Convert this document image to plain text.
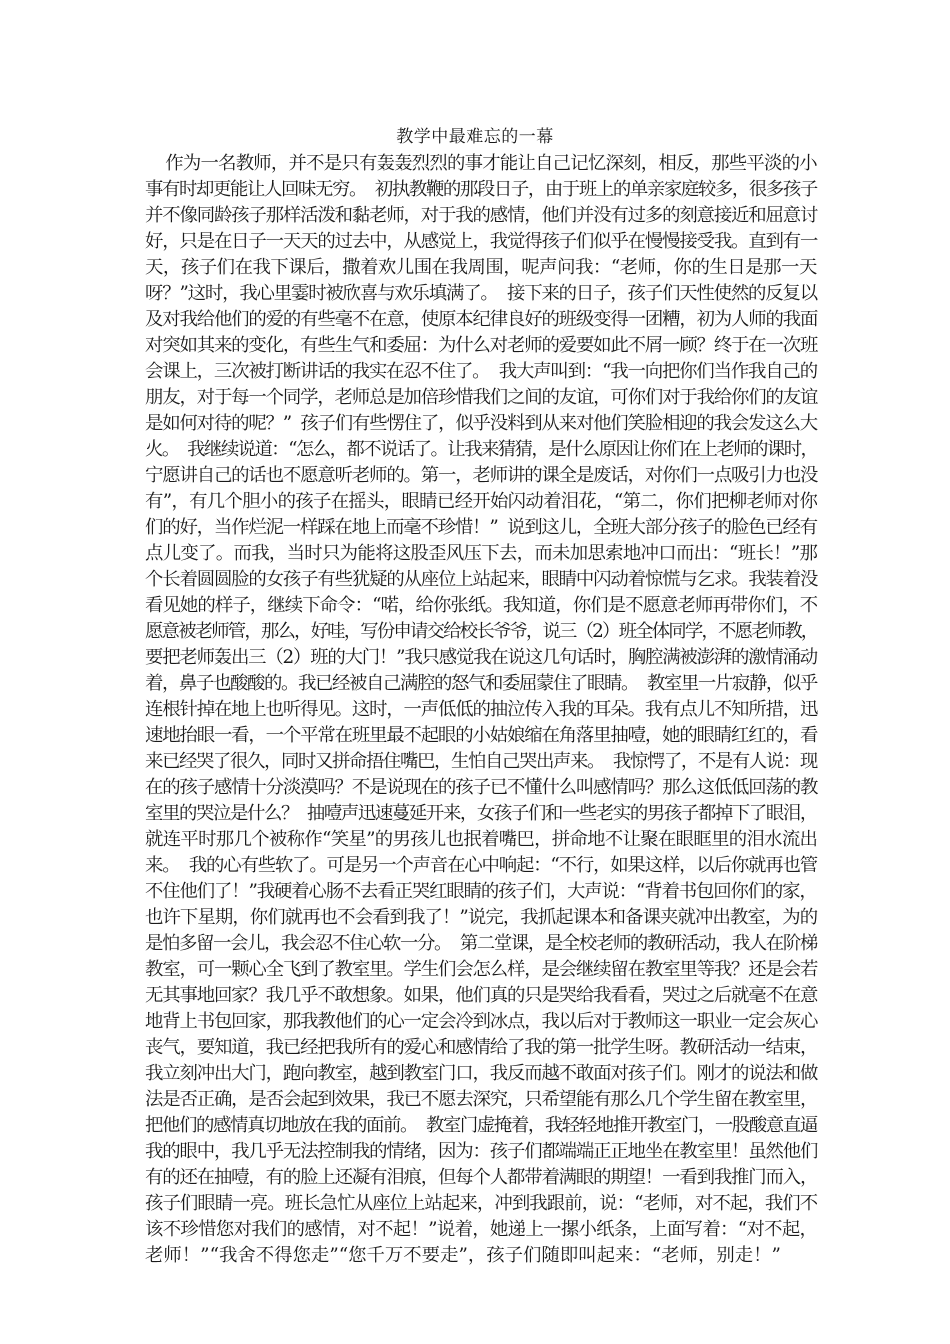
教学中最难忘的一幕
作为一名教师，并不是只有轰轰烈烈的事才能让自己记忆深刻，相反，那些平淡的小
事有时却更能让人回味无穷。  初执教鞭的那段日子，由于班上的单亲家庭较多，很多孩子
并不像同龄孩子那样活泼和黏老师，对于我的感情，他们并没有过多的刻意接近和屈意讨
好，只是在日子一天天的过去中，从感觉上，我觉得孩子们似乎在慢慢接受我。直到有一
天，孩子们在我下课后，撒着欢儿围在我周围，呢声问我：“老师，你的生日是那一天
呀？”这时，我心里霎时被欣喜与欢乐填满了。  接下来的日子，孩子们天性使然的反复以
及对我给他们的爱的有些毫不在意，使原本纪律良好的班级变得一团糟，初为人师的我面
对突如其来的变化，有些生气和委屈：为什么对老师的爱要如此不屑一顾？终于在一次班
会课上，三次被打断讲话的我实在忍不住了。  我大声叫到：“我一向把你们当作我自己的
朋友，对于每一个同学，老师总是加倍珍惜我们之间的友谊，可你们对于我给你们的友谊
是如何对待的呢？”  孩子们有些愣住了，似乎没料到从来对他们笑脸相迎的我会发这么大
火。  我继续说道：“怎么，都不说话了。让我来猜猜，是什么原因让你们在上老师的课时，
宁愿讲自己的话也不愿意听老师的。第一，老师讲的课全是废话，对你们一点吸引力也没
有”，有几个胆小的孩子在摇头，眼睛已经开始闪动着泪花，“第二，你们把柳老师对你
们的好，当作烂泥一样踩在地上而毫不珍惜！”  说到这儿，全班大部分孩子的脸色已经有
点儿变了。而我，当时只为能将这股歪风压下去，而未加思索地冲口而出：“班长！”那
个长着圆圆脸的女孩子有些犹疑的从座位上站起来，眼睛中闪动着惊慌与乞求。我装着没
看见她的样子，继续下命令：“喏，给你张纸。我知道，你们是不愿意老师再带你们，不
愿意被老师管，那么，好哇，写份申请交给校长爷爷，说三（2）班全体同学，不愿老师教，
要把老师轰出三（2）班的大门！”我只感觉我在说这几句话时，胸腔满被澎湃的激情涌动
着，鼻子也酸酸的。我已经被自己满腔的怒气和委屈蒙住了眼睛。  教室里一片寂静，似乎
连根针掉在地上也听得见。这时，一声低低的抽泣传入我的耳朵。我有点儿不知所措，迅
速地抬眼一看，一个平常在班里最不起眼的小姑娘缩在角落里抽噎，她的眼睛红红的，看
来已经哭了很久，同时又拼命捂住嘴巴，生怕自己哭出声来。  我惊愕了，不是有人说：现
在的孩子感情十分淡漠吗？不是说现在的孩子已不懂什么叫感情吗？那么这低低回荡的教
室里的哭泣是什么？  抽噎声迅速蔓延开来，女孩子们和一些老实的男孩子都掉下了眼泪，
就连平时那几个被称作“笑星”的男孩儿也抿着嘴巴，拼命地不让聚在眼眶里的泪水流出
来。  我的心有些软了。可是另一个声音在心中响起：“不行，如果这样，以后你就再也管
不住他们了！”我硬着心肠不去看正哭红眼睛的孩子们，大声说：“背着书包回你们的家，
也许下星期，你们就再也不会看到我了！”说完，我抓起课本和备课夹就冲出教室，为的
是怕多留一会儿，我会忍不住心软一分。  第二堂课，是全校老师的教研活动，我人在阶梯
教室，可一颗心全飞到了教室里。学生们会怎么样，是会继续留在教室里等我？还是会若
无其事地回家？我几乎不敢想象。如果，他们真的只是哭给我看看，哭过之后就毫不在意
地背上书包回家，那我教他们的心一定会冷到冰点，我以后对于教师这一职业一定会灰心
丧气，要知道，我已经把我所有的爱心和感情给了我的第一批学生呀。教研活动一结束，
我立刻冲出大门，跑向教室，越到教室门口，我反而越不敢面对孩子们。刚才的说法和做
法是否正确，是否会起到效果，我已不愿去深究，只希望能有那么几个学生留在教室里，
把他们的感情真切地放在我的面前。  教室门虚掩着，我轻轻地推开教室门，一股酸意直逼
我的眼中，我几乎无法控制我的情绪，因为：孩子们都端端正正地坐在教室里！虽然他们
有的还在抽噎，有的脸上还凝有泪痕，但每个人都带着满眼的期望！一看到我推门而入，
孩子们眼睛一亮。班长急忙从座位上站起来，冲到我跟前，说：“老师，对不起，我们不
该不珍惜您对我们的感情，对不起！”说着，她递上一摞小纸条，上面写着：“对不起，
老师！”“我舍不得您走”“您千万不要走”，孩子们随即叫起来：“老师，别走！”
